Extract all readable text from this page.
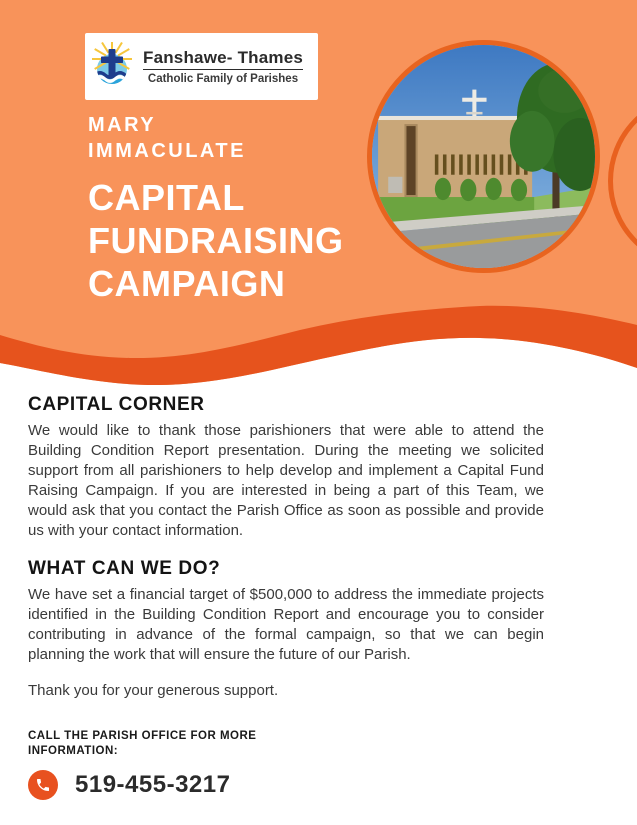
Fanshawe- Thames
Catholic Family of Parishes
MARY
IMMACULATE
CAPITAL
FUNDRAISING
CAMPAIGN
CAPITAL CORNER

We would like to thank those parishioners that were able to attend the Building Condition Report presentation. During the meeting we solicited support from all parishioners to help develop and implement a Capital Fund Raising Campaign. If you are interested in being a part of this Team, we would ask that you contact the Parish Office as soon as possible and provide us with your contact information.

WHAT CAN WE DO?

We have set a financial target of $500,000 to address the immediate projects identified in the Building Condition Report and encourage you to consider contributing in advance of the formal campaign, so that we can begin planning the work that will ensure the future of our Parish.

Thank you for your generous support.

CALL THE PARISH OFFICE FOR MORE
INFORMATION:
519-455-3217
